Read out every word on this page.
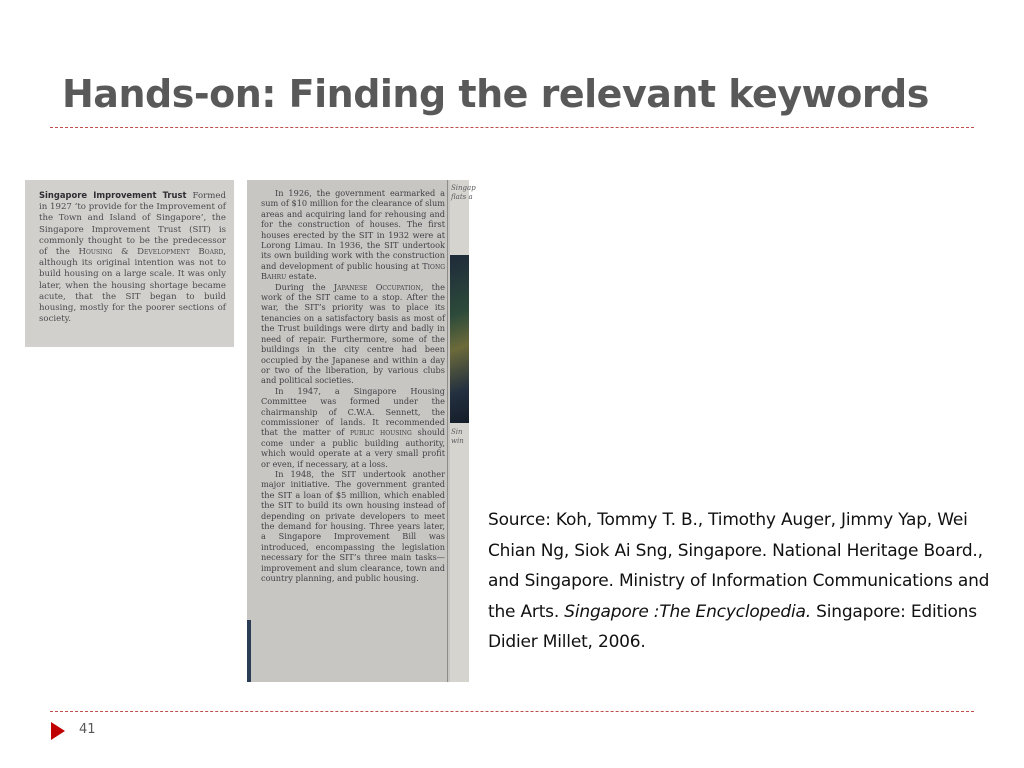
Hands-on: Finding the relevant keywords
Singapore Improvement Trust Formed in 1927 ‘to provide for the Improvement of the Town and Island of Singapore’, the Singapore Improvement Trust (SIT) is commonly thought to be the predecessor of the Housing & Development Board, although its original intention was not to build housing on a large scale. It was only later, when the housing shortage became acute, that the SIT began to build housing, mostly for the poorer sections of society.

In 1926, the government earmarked a sum of $10 million for the clearance of slum areas and acquiring land for rehousing and for the construction of houses. The first houses erected by the SIT in 1932 were at Lorong Limau. In 1936, the SIT undertook its own building work with the construction and development of public housing at Tiong Bahru estate.

During the Japanese Occupation, the work of the SIT came to a stop. After the war, the SIT’s priority was to place its tenancies on a satisfactory basis as most of the Trust buildings were dirty and badly in need of repair. Furthermore, some of the buildings in the city centre had been occupied by the Japanese and within a day or two of the liberation, by various clubs and political societies.

In 1947, a Singapore Housing Committee was formed under the chairmanship of C.W.A. Sennett, the commissioner of lands. It recommended that the matter of public housing should come under a public building authority, which would operate at a very small profit or even, if necessary, at a loss.

In 1948, the SIT undertook another major initiative. The government granted the SIT a loan of $5 million, which enabled the SIT to build its own housing instead of depending on private developers to meet the demand for housing. Three years later, a Singapore Improvement Bill was introduced, encompassing the legislation necessary for the SIT’s three main tasks—improvement and slum clearance, town and country planning, and public housing.

Singap
flats a
Sin
win
Source: Koh, Tommy T. B., Timothy Auger, Jimmy Yap, Wei Chian Ng, Siok Ai Sng, Singapore. National Heritage Board., and Singapore. Ministry of Information Communications and the Arts. Singapore :The Encyclopedia. Singapore: Editions Didier Millet, 2006.
41
